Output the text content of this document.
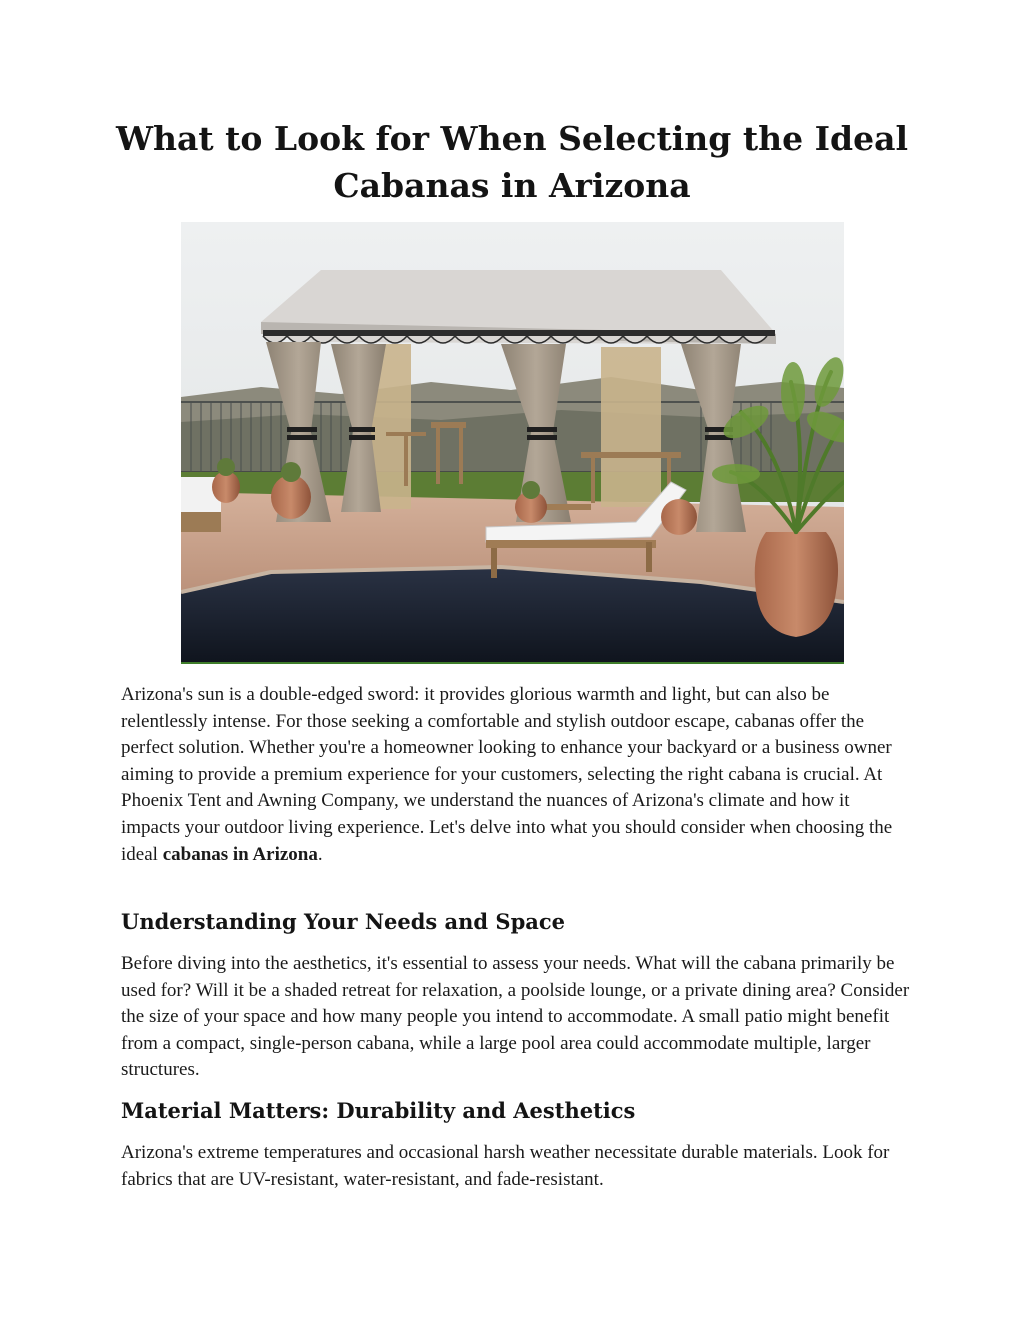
What to Look for When Selecting the Ideal Cabanas in Arizona

Arizona's sun is a double-edged sword: it provides glorious warmth and light, but can also be relentlessly intense. For those seeking a comfortable and stylish outdoor escape, cabanas offer the perfect solution. Whether you're a homeowner looking to enhance your backyard or a business owner aiming to provide a premium experience for your customers, selecting the right cabana is crucial. At Phoenix Tent and Awning Company, we understand the nuances of Arizona's climate and how it impacts your outdoor living experience. Let's delve into what you should consider when choosing the ideal cabanas in Arizona.

Understanding Your Needs and Space

Before diving into the aesthetics, it's essential to assess your needs. What will the cabana primarily be used for? Will it be a shaded retreat for relaxation, a poolside lounge, or a private dining area? Consider the size of your space and how many people you intend to accommodate. A small patio might benefit from a compact, single-person cabana, while a large pool area could accommodate multiple, larger structures.

Material Matters: Durability and Aesthetics

Arizona's extreme temperatures and occasional harsh weather necessitate durable materials. Look for fabrics that are UV-resistant, water-resistant, and fade-resistant.
